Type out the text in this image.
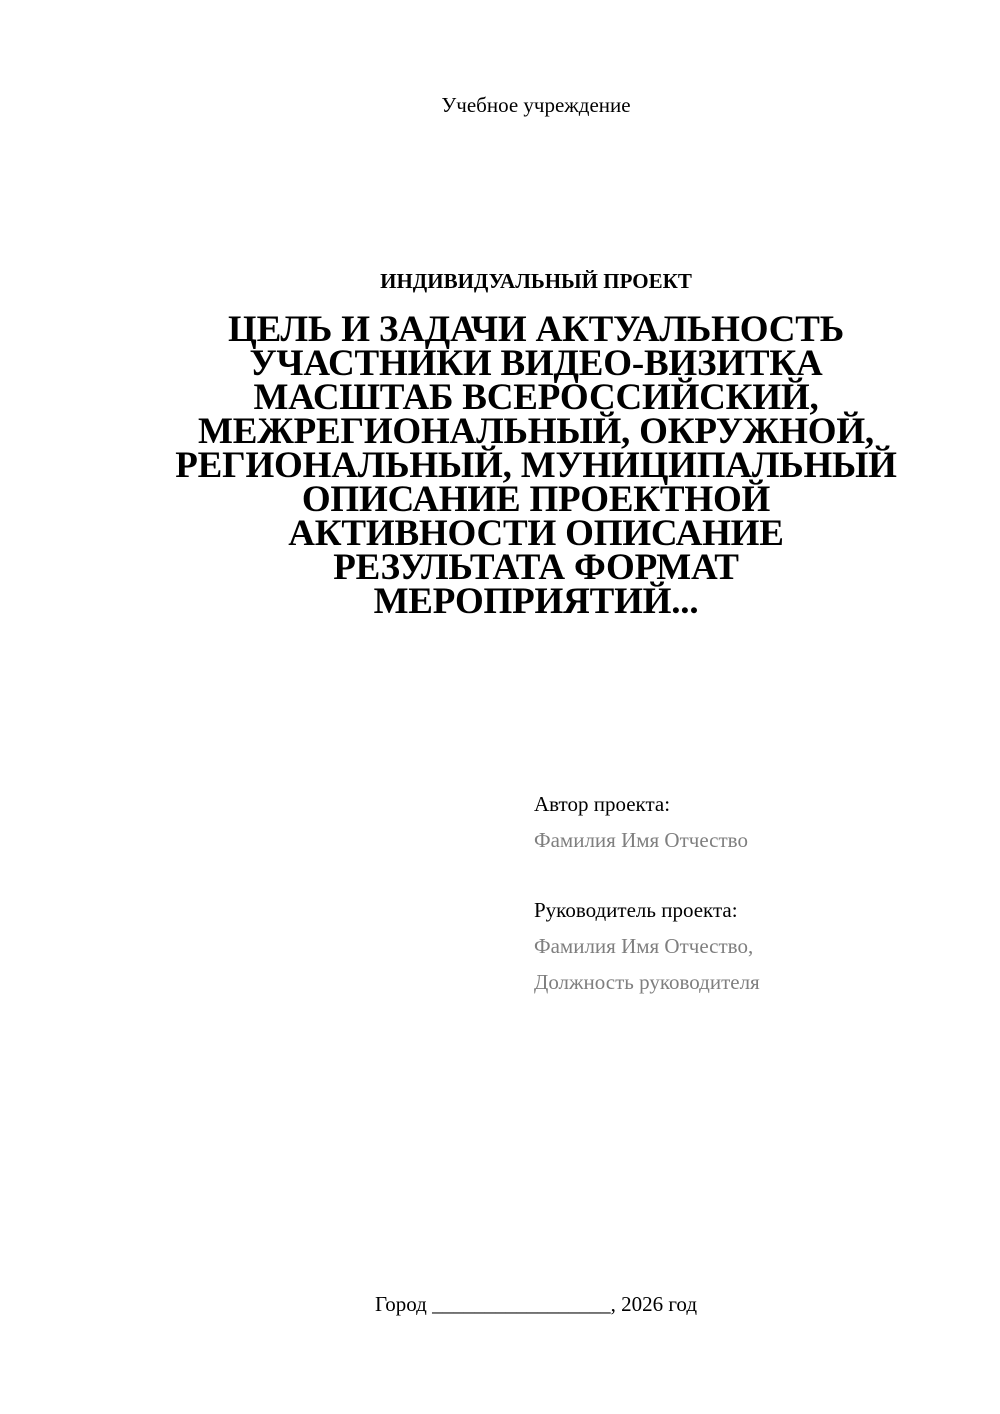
Учебное учреждение
ИНДИВИДУАЛЬНЫЙ ПРОЕКТ
ЦЕЛЬ И ЗАДАЧИ АКТУАЛЬНОСТЬ
УЧАСТНИКИ ВИДЕО-ВИЗИТКА
МАСШТАБ ВСЕРОССИЙСКИЙ,
МЕЖРЕГИОНАЛЬНЫЙ, ОКРУЖНОЙ,
РЕГИОНАЛЬНЫЙ, МУНИЦИПАЛЬНЫЙ
ОПИСАНИЕ ПРОЕКТНОЙ
АКТИВНОСТИ ОПИСАНИЕ
РЕЗУЛЬТАТА ФОРМАТ
МЕРОПРИЯТИЙ...
Автор проекта:
Фамилия Имя Отчество
Руководитель проекта:
Фамилия Имя Отчество,
Должность руководителя
Город _________________, 2026 год
